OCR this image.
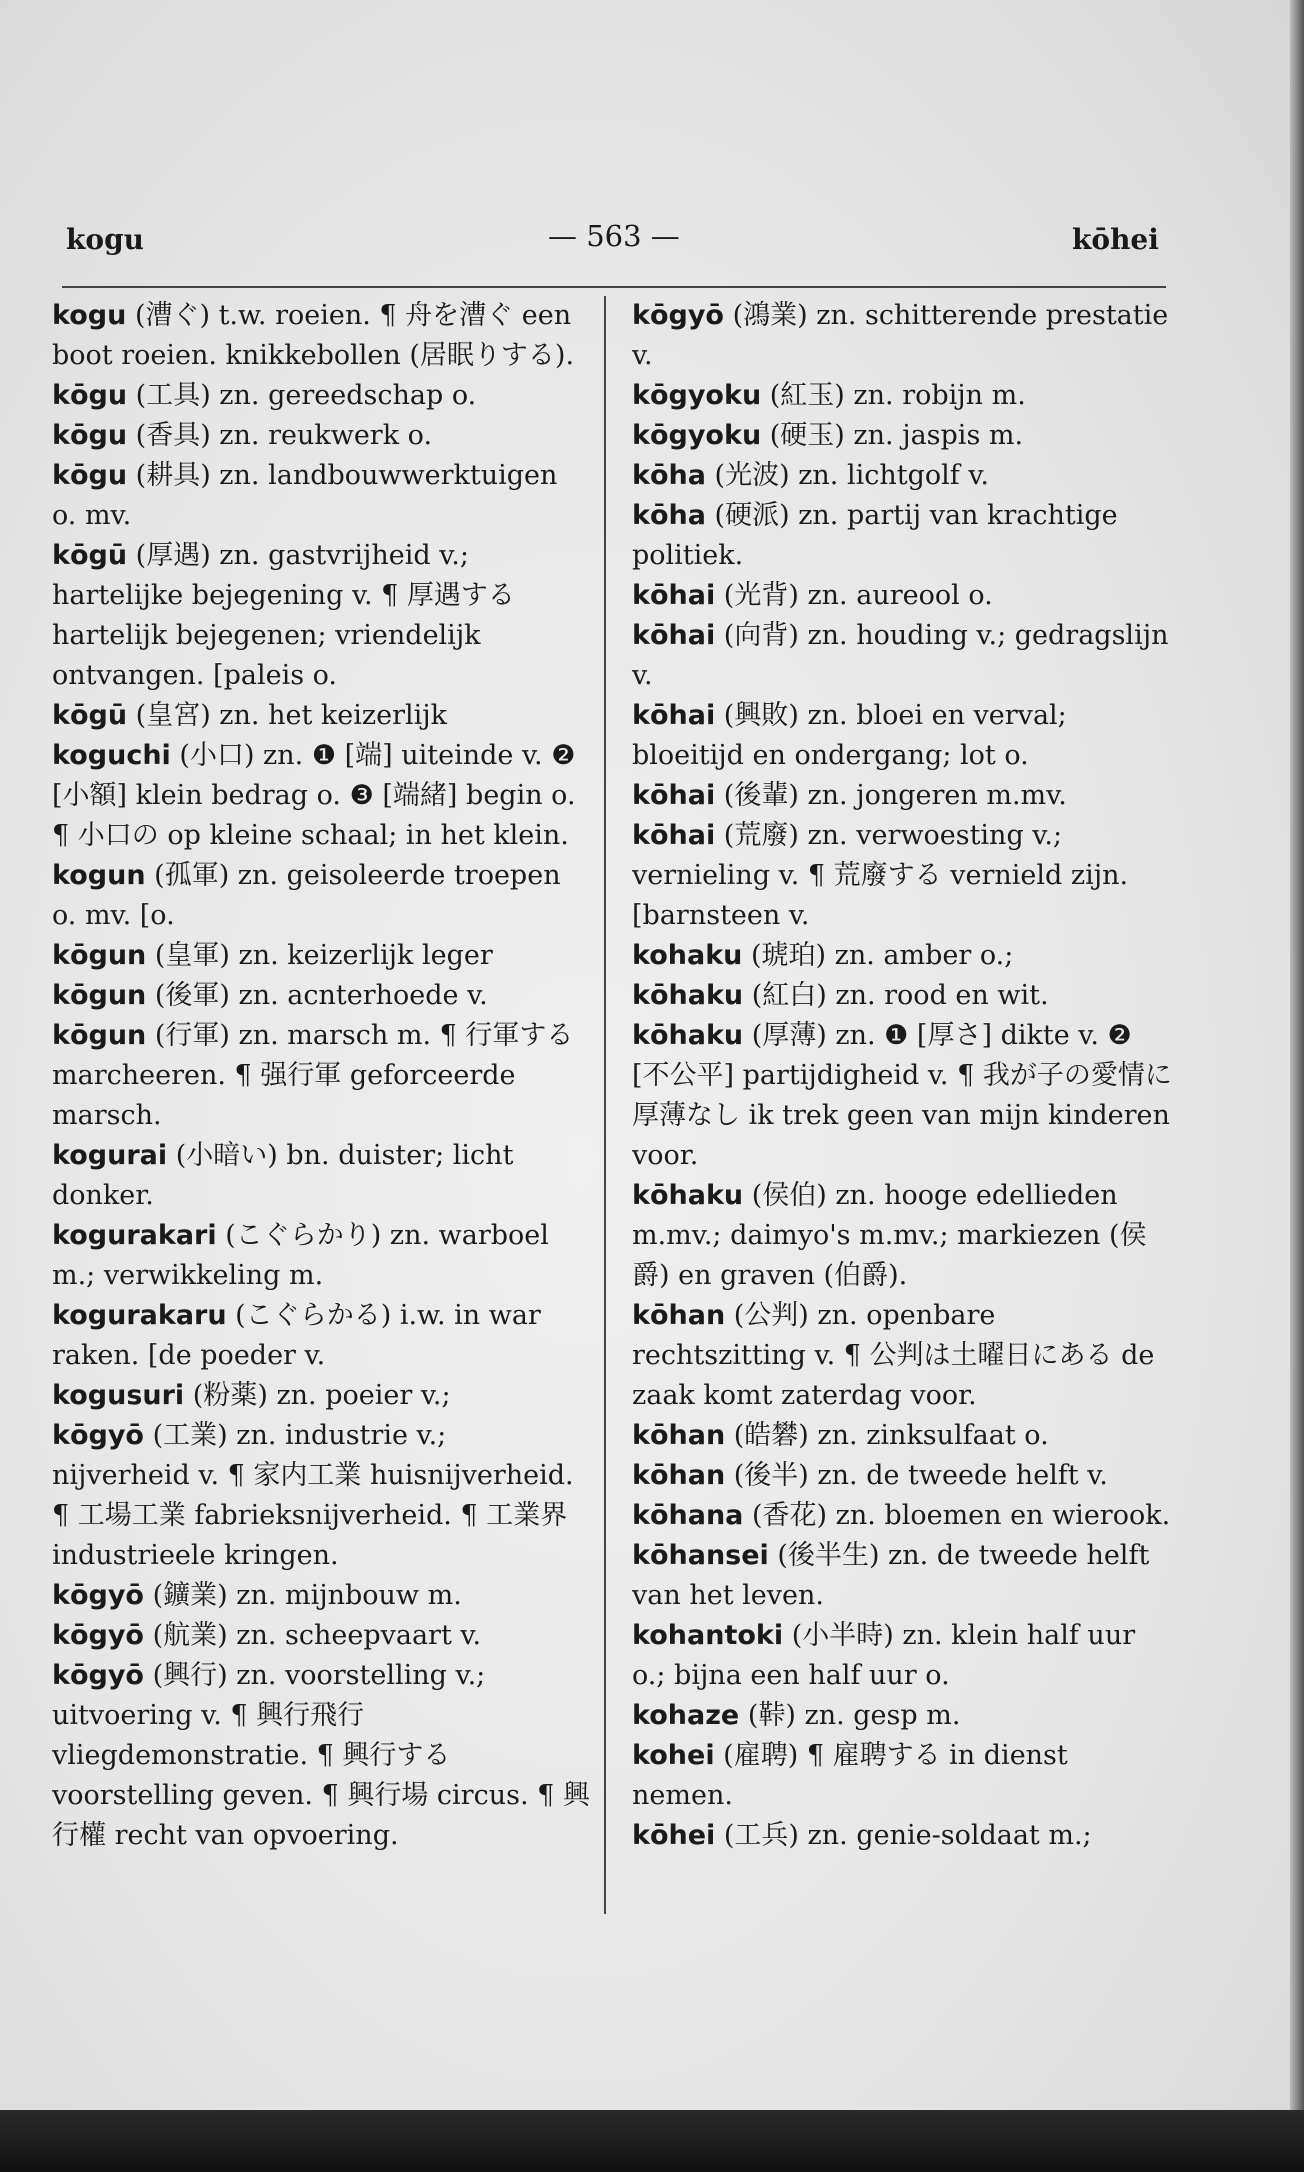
kogu	— 563 —	kōhei
kogu (漕ぐ) t.w. roeien. ¶ 舟を漕ぐ een boot roeien. knikkebollen (居眠りする).
kōgu (工具) zn. gereedschap o.
kōgu (香具) zn. reukwerk o.
kōgu (耕具) zn. landbouwwerktuigen o. mv.
kōgū (厚遇) zn. gastvrijheid v.; hartelijke bejegening v. ¶ 厚遇する hartelijk bejegenen; vriendelijk ontvangen. [paleis o.
kōgū (皇宮) zn. het keizerlijk
koguchi (小口) zn. ❶ [端] uiteinde v. ❷ [小額] klein bedrag o. ❸ [端緒] begin o. ¶ 小口の op kleine schaal; in het klein.
kogun (孤軍) zn. geisoleerde troepen o. mv. [o.
kōgun (皇軍) zn. keizerlijk leger
kōgun (後軍) zn. acnterhoede v.
kōgun (行軍) zn. marsch m. ¶ 行軍する marcheeren. ¶ 强行軍 geforceerde marsch.
kogurai (小暗い) bn. duister; licht donker.
kogurakari (こぐらかり) zn. warboel m.; verwikkeling m.
kogurakaru (こぐらかる) i.w. in war raken. [de poeder v.
kogusuri (粉薬) zn. poeier v.;
kōgyō (工業) zn. industrie v.; nijverheid v. ¶ 家内工業 huisnijverheid. ¶ 工場工業 fabrieksnijverheid. ¶ 工業界 industrieele kringen.
kōgyō (鑛業) zn. mijnbouw m.
kōgyō (航業) zn. scheepvaart v.
kōgyō (興行) zn. voorstelling v.; uitvoering v. ¶ 興行飛行 vliegdemonstratie. ¶ 興行する voorstelling geven. ¶ 興行場 circus. ¶ 興行權 recht van opvoering.
kōgyō (鴻業) zn. schitterende prestatie v.
kōgyoku (紅玉) zn. robijn m.
kōgyoku (硬玉) zn. jaspis m.
kōha (光波) zn. lichtgolf v.
kōha (硬派) zn. partij van krachtige politiek.
kōhai (光背) zn. aureool o.
kōhai (向背) zn. houding v.; gedragslijn v.
kōhai (興敗) zn. bloei en verval; bloeitijd en ondergang; lot o.
kōhai (後輩) zn. jongeren m.mv.
kōhai (荒廢) zn. verwoesting v.; vernieling v. ¶ 荒廢する vernield zijn. [barnsteen v.
kohaku (琥珀) zn. amber o.;
kōhaku (紅白) zn. rood en wit.
kōhaku (厚薄) zn. ❶ [厚さ] dikte v. ❷ [不公平] partijdigheid v. ¶ 我が子の愛情に厚薄なし ik trek geen van mijn kinderen voor.
kōhaku (侯伯) zn. hooge edellieden m.mv.; daimyo's m.mv.; markiezen (侯爵) en graven (伯爵).
kōhan (公判) zn. openbare rechtszitting v. ¶ 公判は土曜日にある de zaak komt zaterdag voor.
kōhan (皓礬) zn. zinksulfaat o.
kōhan (後半) zn. de tweede helft v.
kōhana (香花) zn. bloemen en wierook.
kōhansei (後半生) zn. de tweede helft van het leven.
kohantoki (小半時) zn. klein half uur o.; bijna een half uur o.
kohaze (鞐) zn. gesp m.
kohei (雇聘) ¶ 雇聘する in dienst nemen.
kōhei (工兵) zn. genie-soldaat m.;
